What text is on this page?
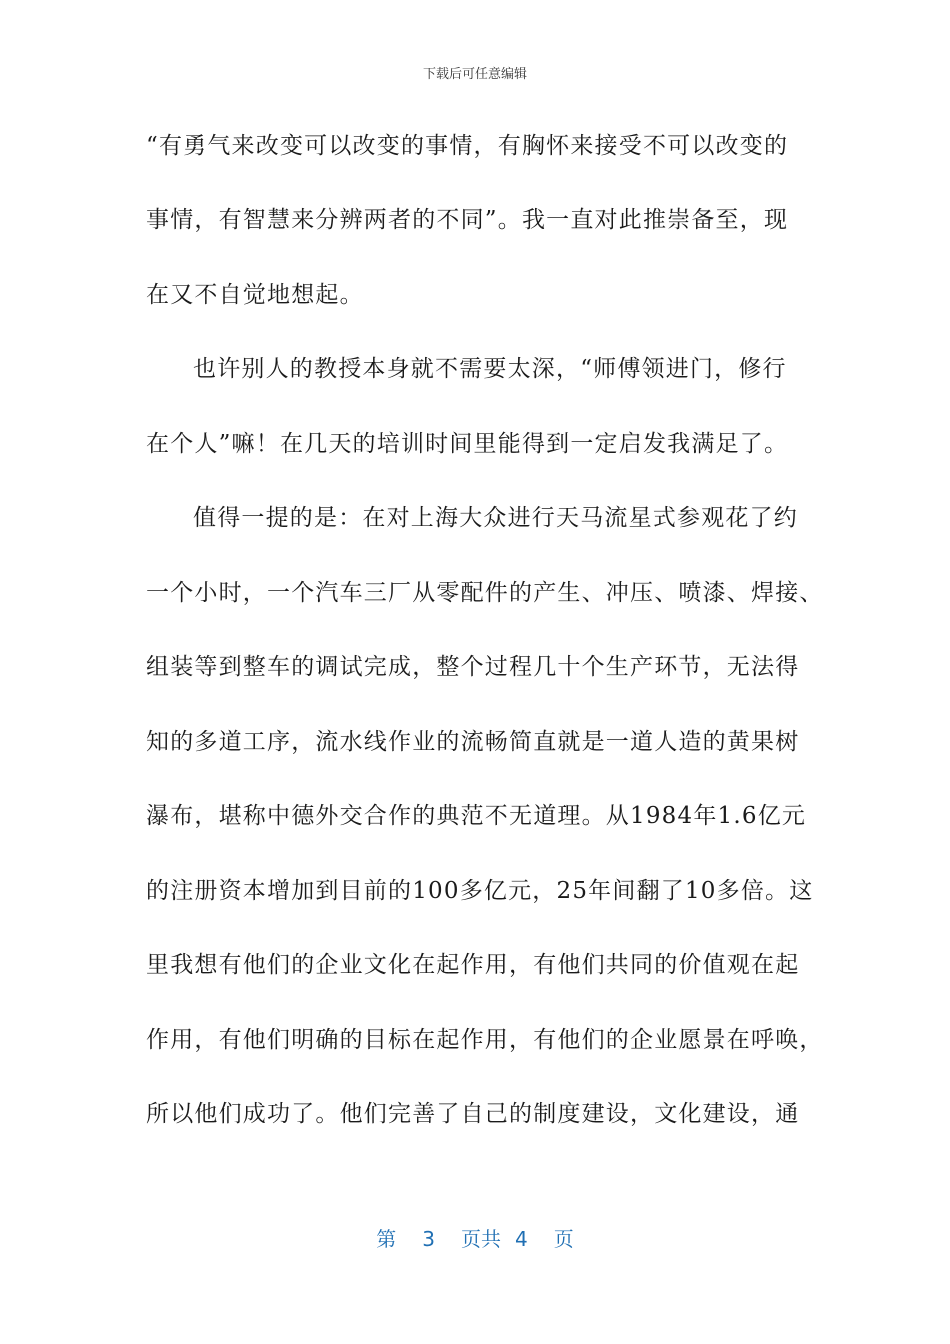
下载后可任意编辑
“有勇气来改变可以改变的事情，有胸怀来接受不可以改变的
事情，有智慧来分辨两者的不同”。我一直对此推崇备至，现
在又不自觉地想起。
也许别人的教授本身就不需要太深，“师傅领进门，修行
在个人”嘛！在几天的培训时间里能得到一定启发我满足了。
值得一提的是：在对上海大众进行天马流星式参观花了约
一个小时，一个汽车三厂从零配件的产生、冲压、喷漆、焊接、
组装等到整车的调试完成，整个过程几十个生产环节，无法得
知的多道工序，流水线作业的流畅简直就是一道人造的黄果树
瀑布，堪称中德外交合作的典范不无道理。从1984年1.6亿元
的注册资本增加到目前的100多亿元，25年间翻了10多倍。这
里我想有他们的企业文化在起作用，有他们共同的价值观在起
作用，有他们明确的目标在起作用，有他们的企业愿景在呼唤，
所以他们成功了。他们完善了自己的制度建设，文化建设，通
第 3 页共 4 页
